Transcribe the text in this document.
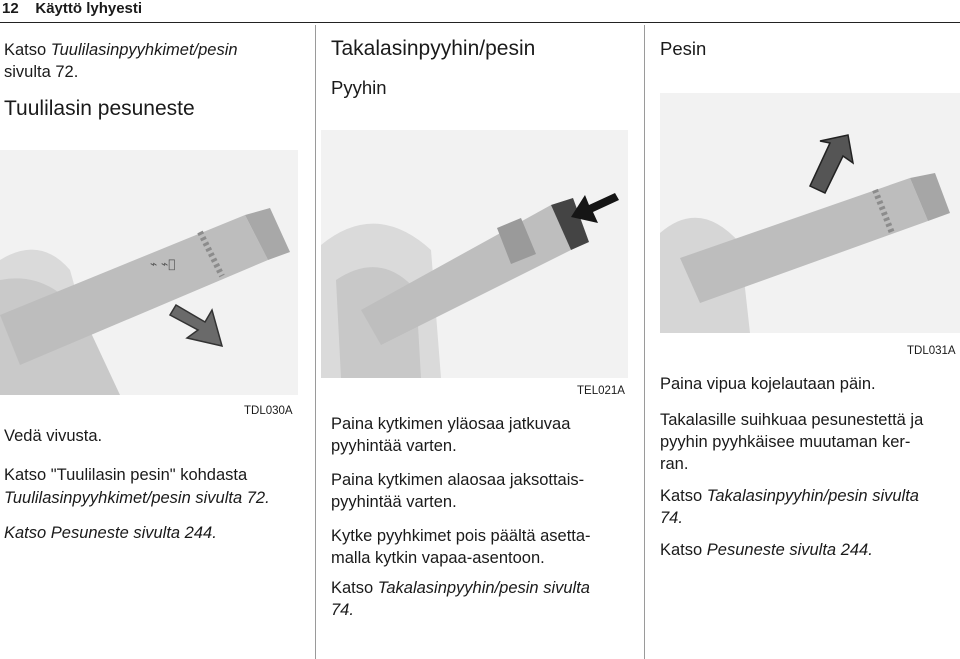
12 Käyttö lyhyesti
Katso Tuulilasinpyyhkimet/pesin
sivulta 72.
Tuulilasin pesuneste
⌁ ⌁⃞
TDL030A
Vedä vivusta.
Katso "Tuulilasin pesin" kohdasta
Tuulilasinpyyhkimet/pesin sivulta 72.
Katso Pesuneste sivulta 244.
Takalasinpyyhin/pesin
Pyyhin
TEL021A
Paina kytkimen yläosaa jatkuvaa
pyyhintää varten.
Paina kytkimen alaosaa jaksottais-
pyyhintää varten.
Kytke pyyhkimet pois päältä asetta-
malla kytkin vapaa-asentoon.
Katso Takalasinpyyhin/pesin sivulta
74.
Pesin
TDL031A
Paina vipua kojelautaan päin.
Takalasille suihkuaa pesunestettä ja
pyyhin pyyhkäisee muutaman ker-
ran.
Katso Takalasinpyyhin/pesin sivulta
74.
Katso Pesuneste sivulta 244.
